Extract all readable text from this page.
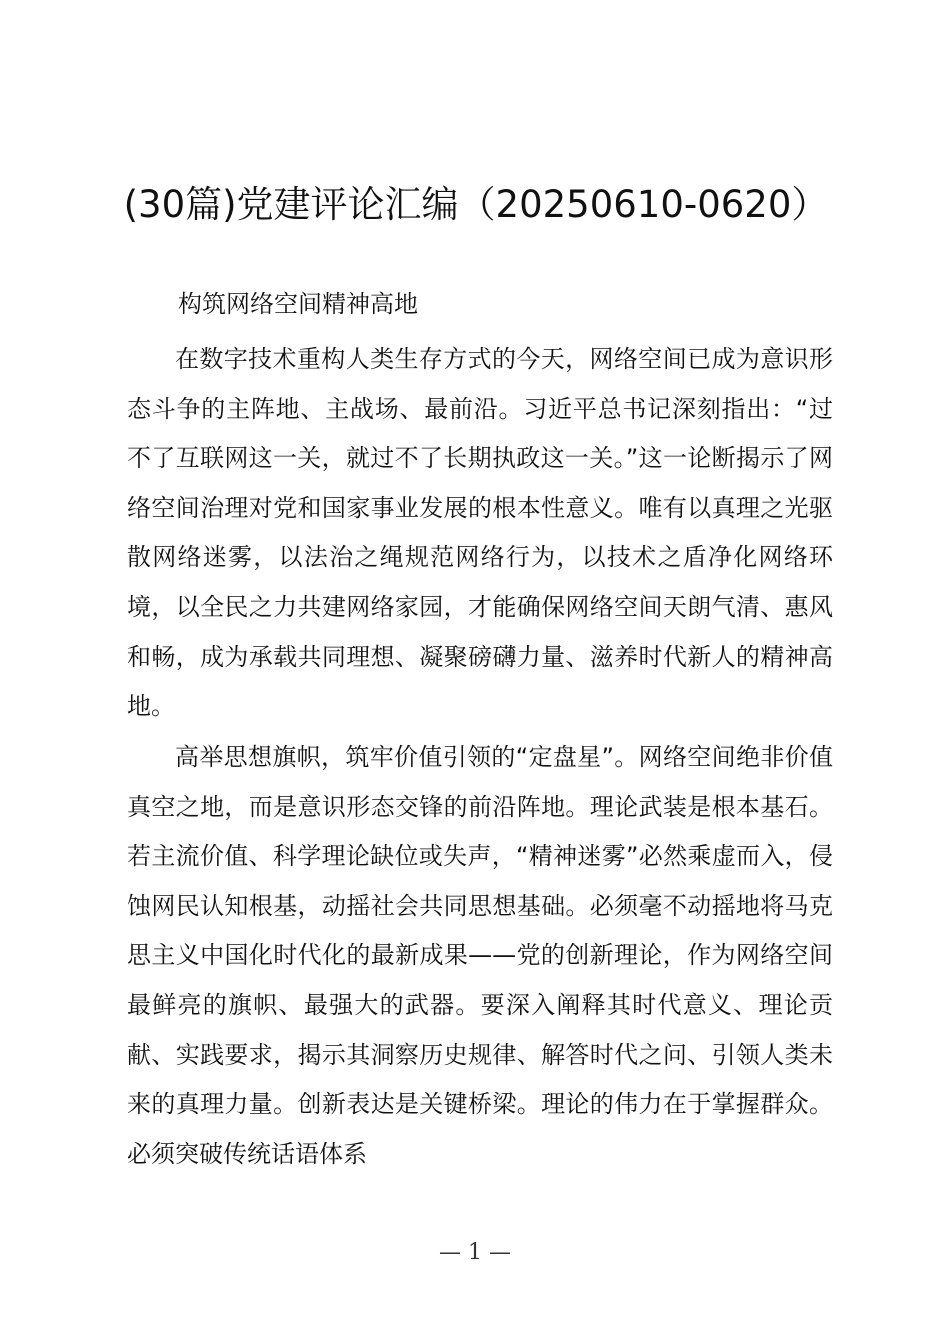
(30篇)党建评论汇编（20250610-0620）

构筑网络空间精神高地

在数字技术重构人类生存方式的今天，网络空间已成为意识形态斗争的主阵地、主战场、最前沿。习近平总书记深刻指出：“过不了互联网这一关，就过不了长期执政这一关。”这一论断揭示了网络空间治理对党和国家事业发展的根本性意义。唯有以真理之光驱散网络迷雾，以法治之绳规范网络行为，以技术之盾净化网络环境，以全民之力共建网络家园，才能确保网络空间天朗气清、惠风和畅，成为承载共同理想、凝聚磅礴力量、滋养时代新人的精神高地。

高举思想旗帜，筑牢价值引领的“定盘星”。网络空间绝非价值真空之地，而是意识形态交锋的前沿阵地。理论武装是根本基石。若主流价值、科学理论缺位或失声，“精神迷雾”必然乘虚而入，侵蚀网民认知根基，动摇社会共同思想基础。必须毫不动摇地将马克思主义中国化时代化的最新成果——党的创新理论，作为网络空间最鲜亮的旗帜、最强大的武器。要深入阐释其时代意义、理论贡献、实践要求，揭示其洞察历史规律、解答时代之问、引领人类未来的真理力量。创新表达是关键桥梁。理论的伟力在于掌握群众。必须突破传统话语体系

— 1 —
